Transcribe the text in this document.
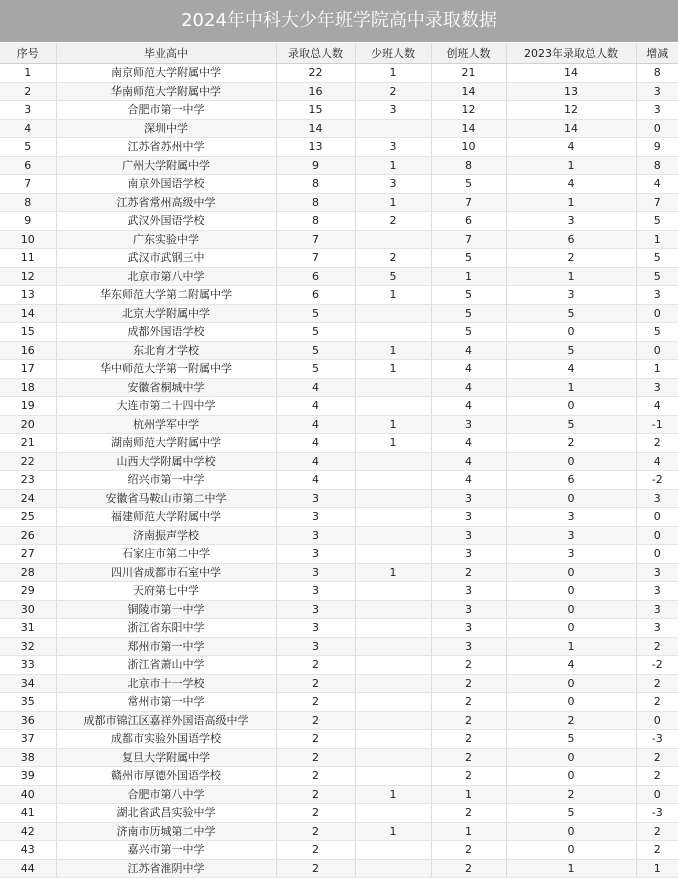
2024年中科大少年班学院高中录取数据
序号	毕业高中	录取总人数	少班人数	创班人数	2023年录取总人数	增减
1	南京师范大学附属中学	22	1	21	14	8
2	华南师范大学附属中学	16	2	14	13	3
3	合肥市第一中学	15	3	12	12	3
4	深圳中学	14		14	14	0
5	江苏省苏州中学	13	3	10	4	9
6	广州大学附属中学	9	1	8	1	8
7	南京外国语学校	8	3	5	4	4
8	江苏省常州高级中学	8	1	7	1	7
9	武汉外国语学校	8	2	6	3	5
10	广东实验中学	7		7	6	1
11	武汉市武钢三中	7	2	5	2	5
12	北京市第八中学	6	5	1	1	5
13	华东师范大学第二附属中学	6	1	5	3	3
14	北京大学附属中学	5		5	5	0
15	成都外国语学校	5		5	0	5
16	东北育才学校	5	1	4	5	0
17	华中师范大学第一附属中学	5	1	4	4	1
18	安徽省桐城中学	4		4	1	3
19	大连市第二十四中学	4		4	0	4
20	杭州学军中学	4	1	3	5	-1
21	湖南师范大学附属中学	4	1	4	2	2
22	山西大学附属中学校	4		4	0	4
23	绍兴市第一中学	4		4	6	-2
24	安徽省马鞍山市第二中学	3		3	0	3
25	福建师范大学附属中学	3		3	3	0
26	济南振声学校	3		3	3	0
27	石家庄市第二中学	3		3	3	0
28	四川省成都市石室中学	3	1	2	0	3
29	天府第七中学	3		3	0	3
30	铜陵市第一中学	3		3	0	3
31	浙江省东阳中学	3		3	0	3
32	郑州市第一中学	3		3	1	2
33	浙江省萧山中学	2		2	4	-2
34	北京市十一学校	2		2	0	2
35	常州市第一中学	2		2	0	2
36	成都市锦江区嘉祥外国语高级中学	2		2	2	0
37	成都市实验外国语学校	2		2	5	-3
38	复旦大学附属中学	2		2	0	2
39	赣州市厚德外国语学校	2		2	0	2
40	合肥市第八中学	2	1	1	2	0
41	湖北省武昌实验中学	2		2	5	-3
42	济南市历城第二中学	2	1	1	0	2
43	嘉兴市第一中学	2		2	0	2
44	江苏省淮阴中学	2		2	1	1
